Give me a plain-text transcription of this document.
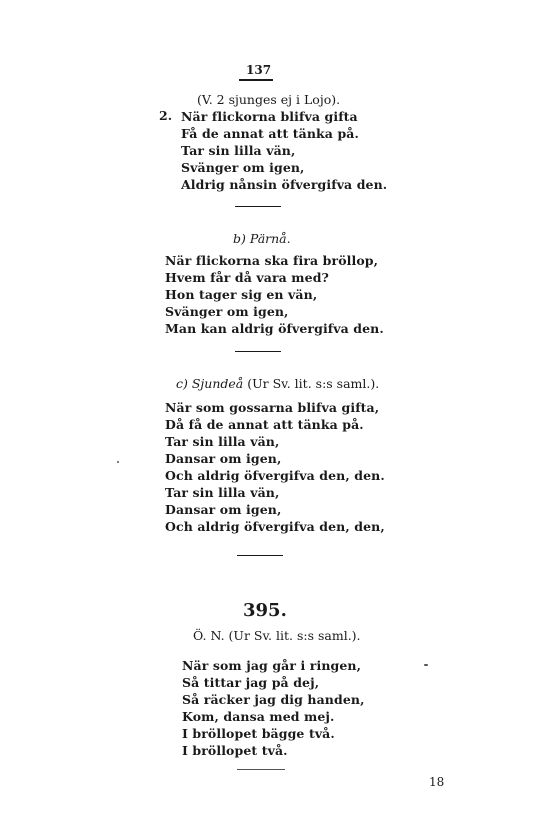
137
(V. 2 sjunges ej i Lojo).
2. När flickorna blifva gifta
Få de annat att tänka på.
Tar sin lilla vän,
Svänger om igen,
Aldrig nånsin öfvergifva den.
b) Pärnå.
När flickorna ska fira bröllop,
Hvem får då vara med?
Hon tager sig en vän,
Svänger om igen,
Man kan aldrig öfvergifva den.
c) Sjundeå (Ur Sv. lit. s:s saml.).
När som gossarna blifva gifta,
Då få de annat att tänka på.
Tar sin lilla vän,
Dansar om igen,
Och aldrig öfvergifva den, den.
Tar sin lilla vän,
Dansar om igen,
Och aldrig öfvergifva den, den,
395.
Ö. N. (Ur Sv. lit. s:s saml.).
När som jag går i ringen,
Så tittar jag på dej,
Så räcker jag dig handen,
Kom, dansa med mej.
I bröllopet bägge två.
I bröllopet två.
18
